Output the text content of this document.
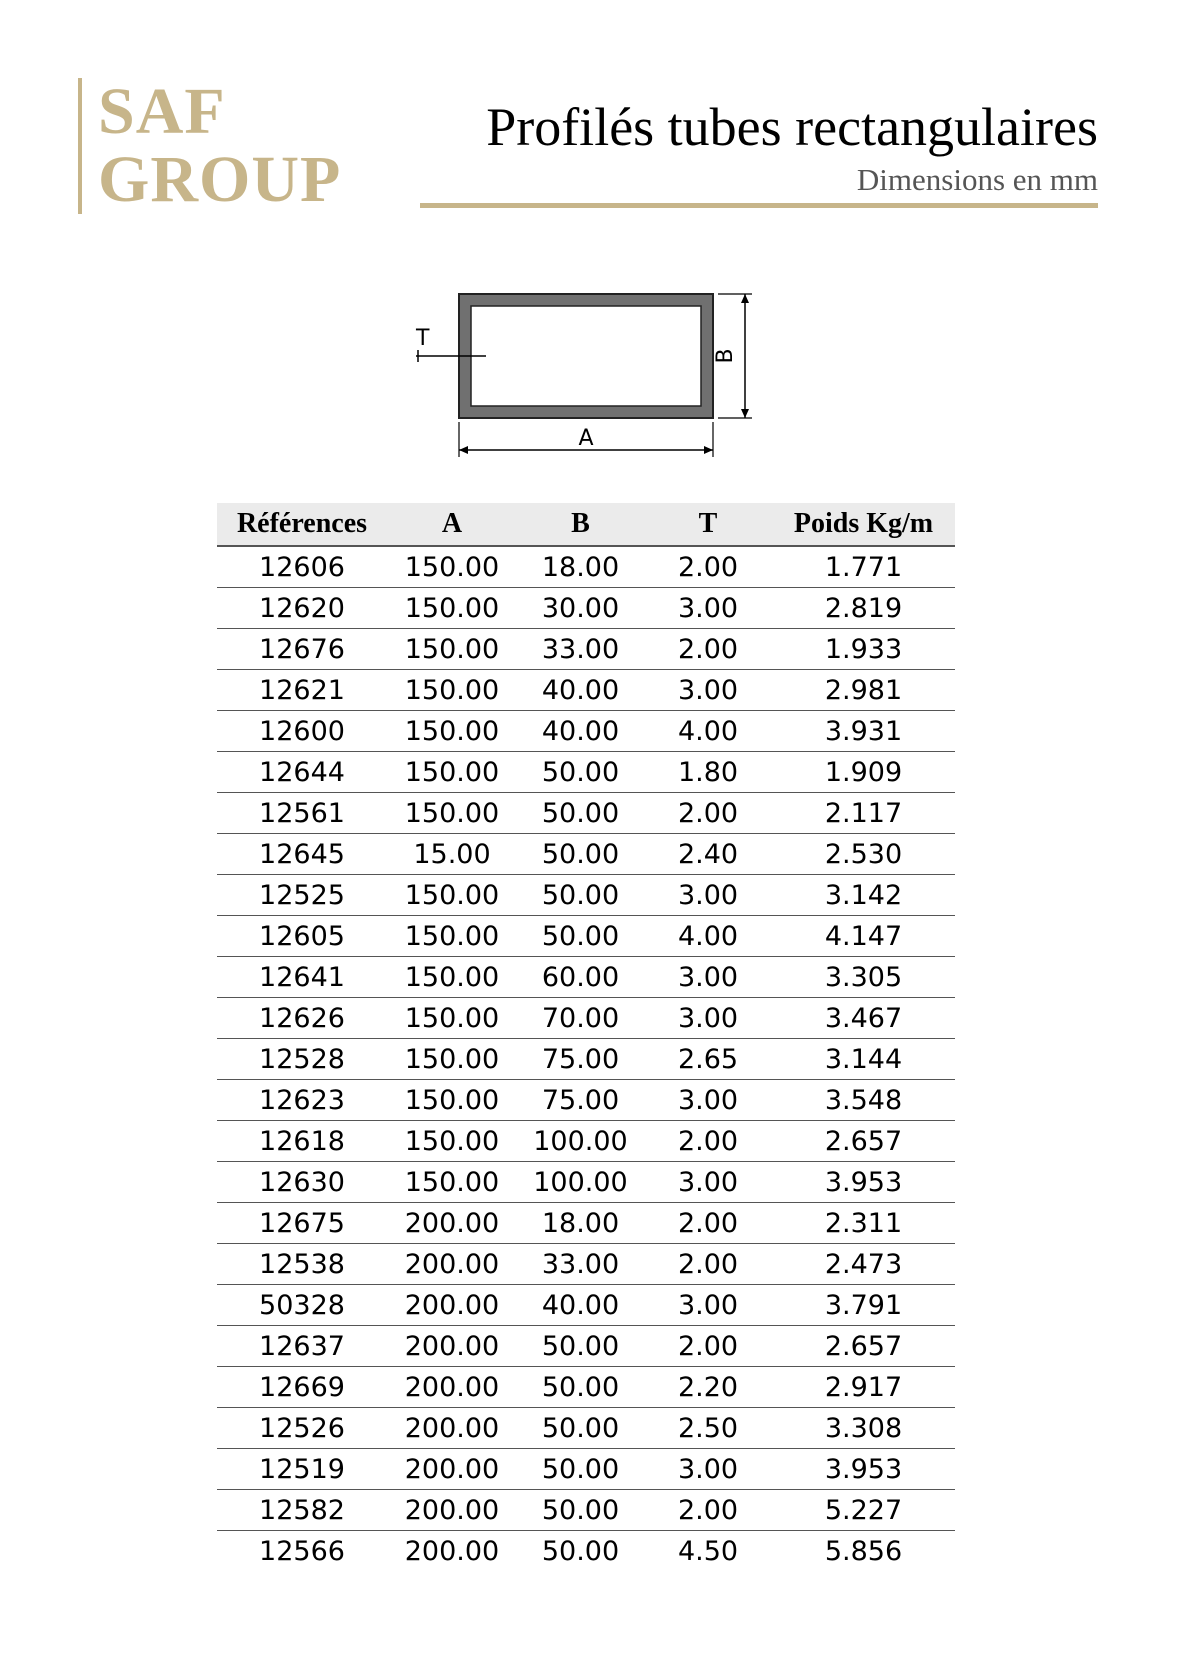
SAF
GROUP
Profilés tubes rectangulaires
Dimensions en mm
T
B
A
Références	A	B	T	Poids Kg/m
12606	150.00	18.00	2.00	1.771
12620	150.00	30.00	3.00	2.819
12676	150.00	33.00	2.00	1.933
12621	150.00	40.00	3.00	2.981
12600	150.00	40.00	4.00	3.931
12644	150.00	50.00	1.80	1.909
12561	150.00	50.00	2.00	2.117
12645	15.00	50.00	2.40	2.530
12525	150.00	50.00	3.00	3.142
12605	150.00	50.00	4.00	4.147
12641	150.00	60.00	3.00	3.305
12626	150.00	70.00	3.00	3.467
12528	150.00	75.00	2.65	3.144
12623	150.00	75.00	3.00	3.548
12618	150.00	100.00	2.00	2.657
12630	150.00	100.00	3.00	3.953
12675	200.00	18.00	2.00	2.311
12538	200.00	33.00	2.00	2.473
50328	200.00	40.00	3.00	3.791
12637	200.00	50.00	2.00	2.657
12669	200.00	50.00	2.20	2.917
12526	200.00	50.00	2.50	3.308
12519	200.00	50.00	3.00	3.953
12582	200.00	50.00	2.00	5.227
12566	200.00	50.00	4.50	5.856
